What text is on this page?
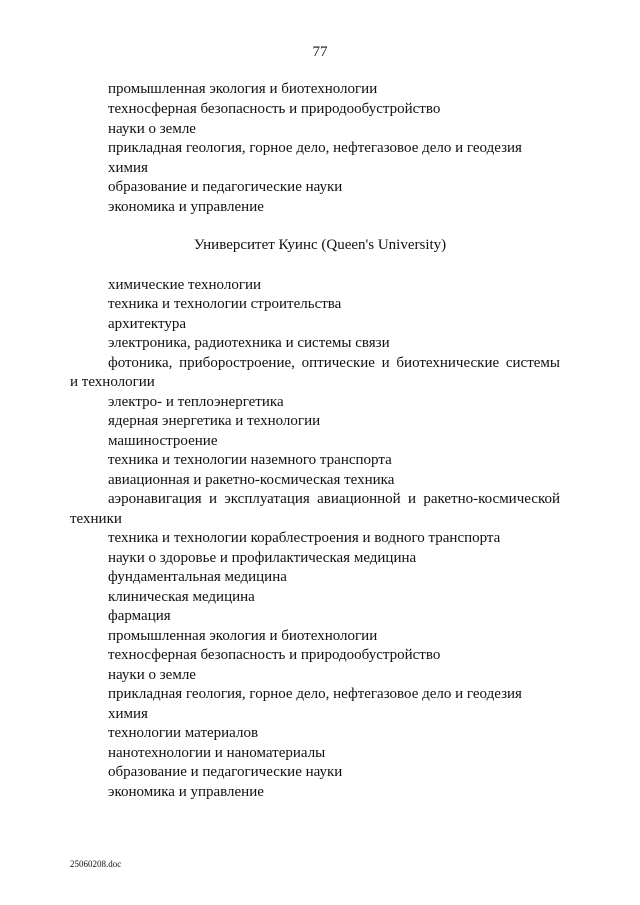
77
промышленная экология и биотехнологии
техносферная безопасность и природообустройство
науки о земле
прикладная геология, горное дело, нефтегазовое дело и геодезия
химия
образование и педагогические науки
экономика и управление
Университет Куинс (Queen's University)
химические технологии
техника и технологии строительства
архитектура
электроника, радиотехника и системы связи
фотоника, приборостроение, оптические и биотехнические системы
и технологии
электро- и теплоэнергетика
ядерная энергетика и технологии
машиностроение
техника и технологии наземного транспорта
авиационная и ракетно-космическая техника
аэронавигация и эксплуатация авиационной и ракетно-космической
техники
техника и технологии кораблестроения и водного транспорта
науки о здоровье и профилактическая медицина
фундаментальная медицина
клиническая медицина
фармация
промышленная экология и биотехнологии
техносферная безопасность и природообустройство
науки о земле
прикладная геология, горное дело, нефтегазовое дело и геодезия
химия
технологии материалов
нанотехнологии и наноматериалы
образование и педагогические науки
экономика и управление
25060208.doc
